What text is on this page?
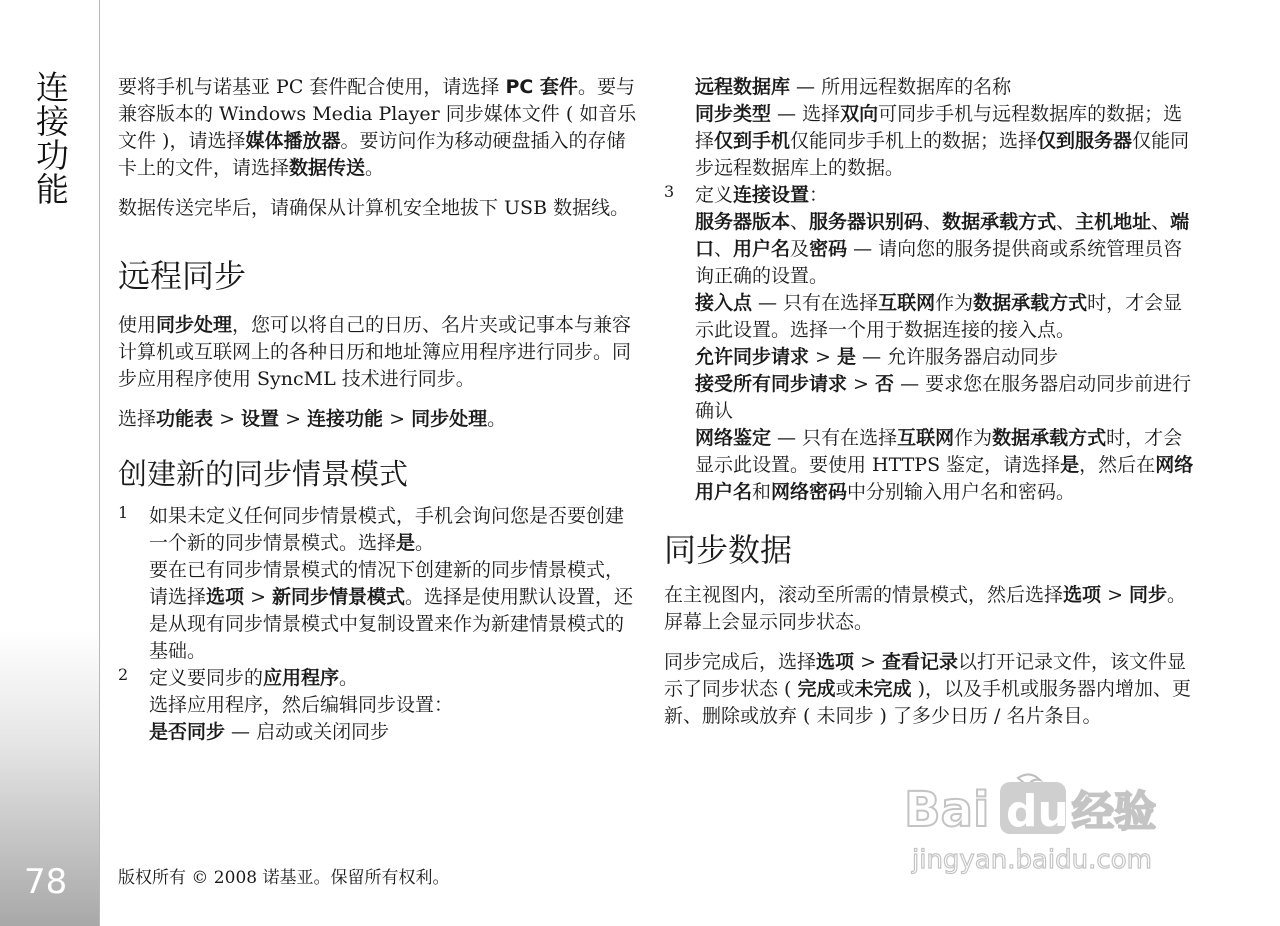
连接功能
78

要将手机与诺基亚 PC 套件配合使用，请选择 PC 套件。要与兼容版本的 Windows Media Player 同步媒体文件 ( 如音乐文件 )，请选择媒体播放器。要访问作为移动硬盘插入的存储卡上的文件，请选择数据传送。

数据传送完毕后，请确保从计算机安全地拔下 USB 数据线。

远程同步

使用同步处理，您可以将自己的日历、名片夹或记事本与兼容计算机或互联网上的各种日历和地址簿应用程序进行同步。同步应用程序使用 SyncML 技术进行同步。

选择功能表 > 设置 > 连接功能 > 同步处理。

创建新的同步情景模式
1 如果未定义任何同步情景模式，手机会询问您是否要创建一个新的同步情景模式。选择是。

要在已有同步情景模式的情况下创建新的同步情景模式，请选择选项 > 新同步情景模式。选择是使用默认设置，还是从现有同步情景模式中复制设置来作为新建情景模式的基础。

2 定义要同步的应用程序。

选择应用程序，然后编辑同步设置：

是否同步 — 启动或关闭同步

远程数据库 — 所用远程数据库的名称

同步类型 — 选择双向可同步手机与远程数据库的数据；选择仅到手机仅能同步手机上的数据；选择仅到服务器仅能同步远程数据库上的数据。

3 定义连接设置：

服务器版本、服务器识别码、数据承载方式、主机地址、端口、用户名及密码 — 请向您的服务提供商或系统管理员咨询正确的设置。

接入点 — 只有在选择互联网作为数据承载方式时，才会显示此设置。选择一个用于数据连接的接入点。

允许同步请求 > 是 — 允许服务器启动同步

接受所有同步请求 > 否 — 要求您在服务器启动同步前进行确认

网络鉴定 — 只有在选择互联网作为数据承载方式时，才会显示此设置。要使用 HTTPS 鉴定，请选择是，然后在网络用户名和网络密码中分别输入用户名和密码。

同步数据

在主视图内，滚动至所需的情景模式，然后选择选项 > 同步。屏幕上会显示同步状态。

同步完成后，选择选项 > 查看记录以打开记录文件，该文件显示了同步状态 ( 完成或未完成 )，以及手机或服务器内增加、更新、删除或放弃 ( 未同步 ) 了多少日历 / 名片条目。

版权所有 © 2008 诺基亚。保留所有权利。
Bai du 经验
jingyan.baidu.com
